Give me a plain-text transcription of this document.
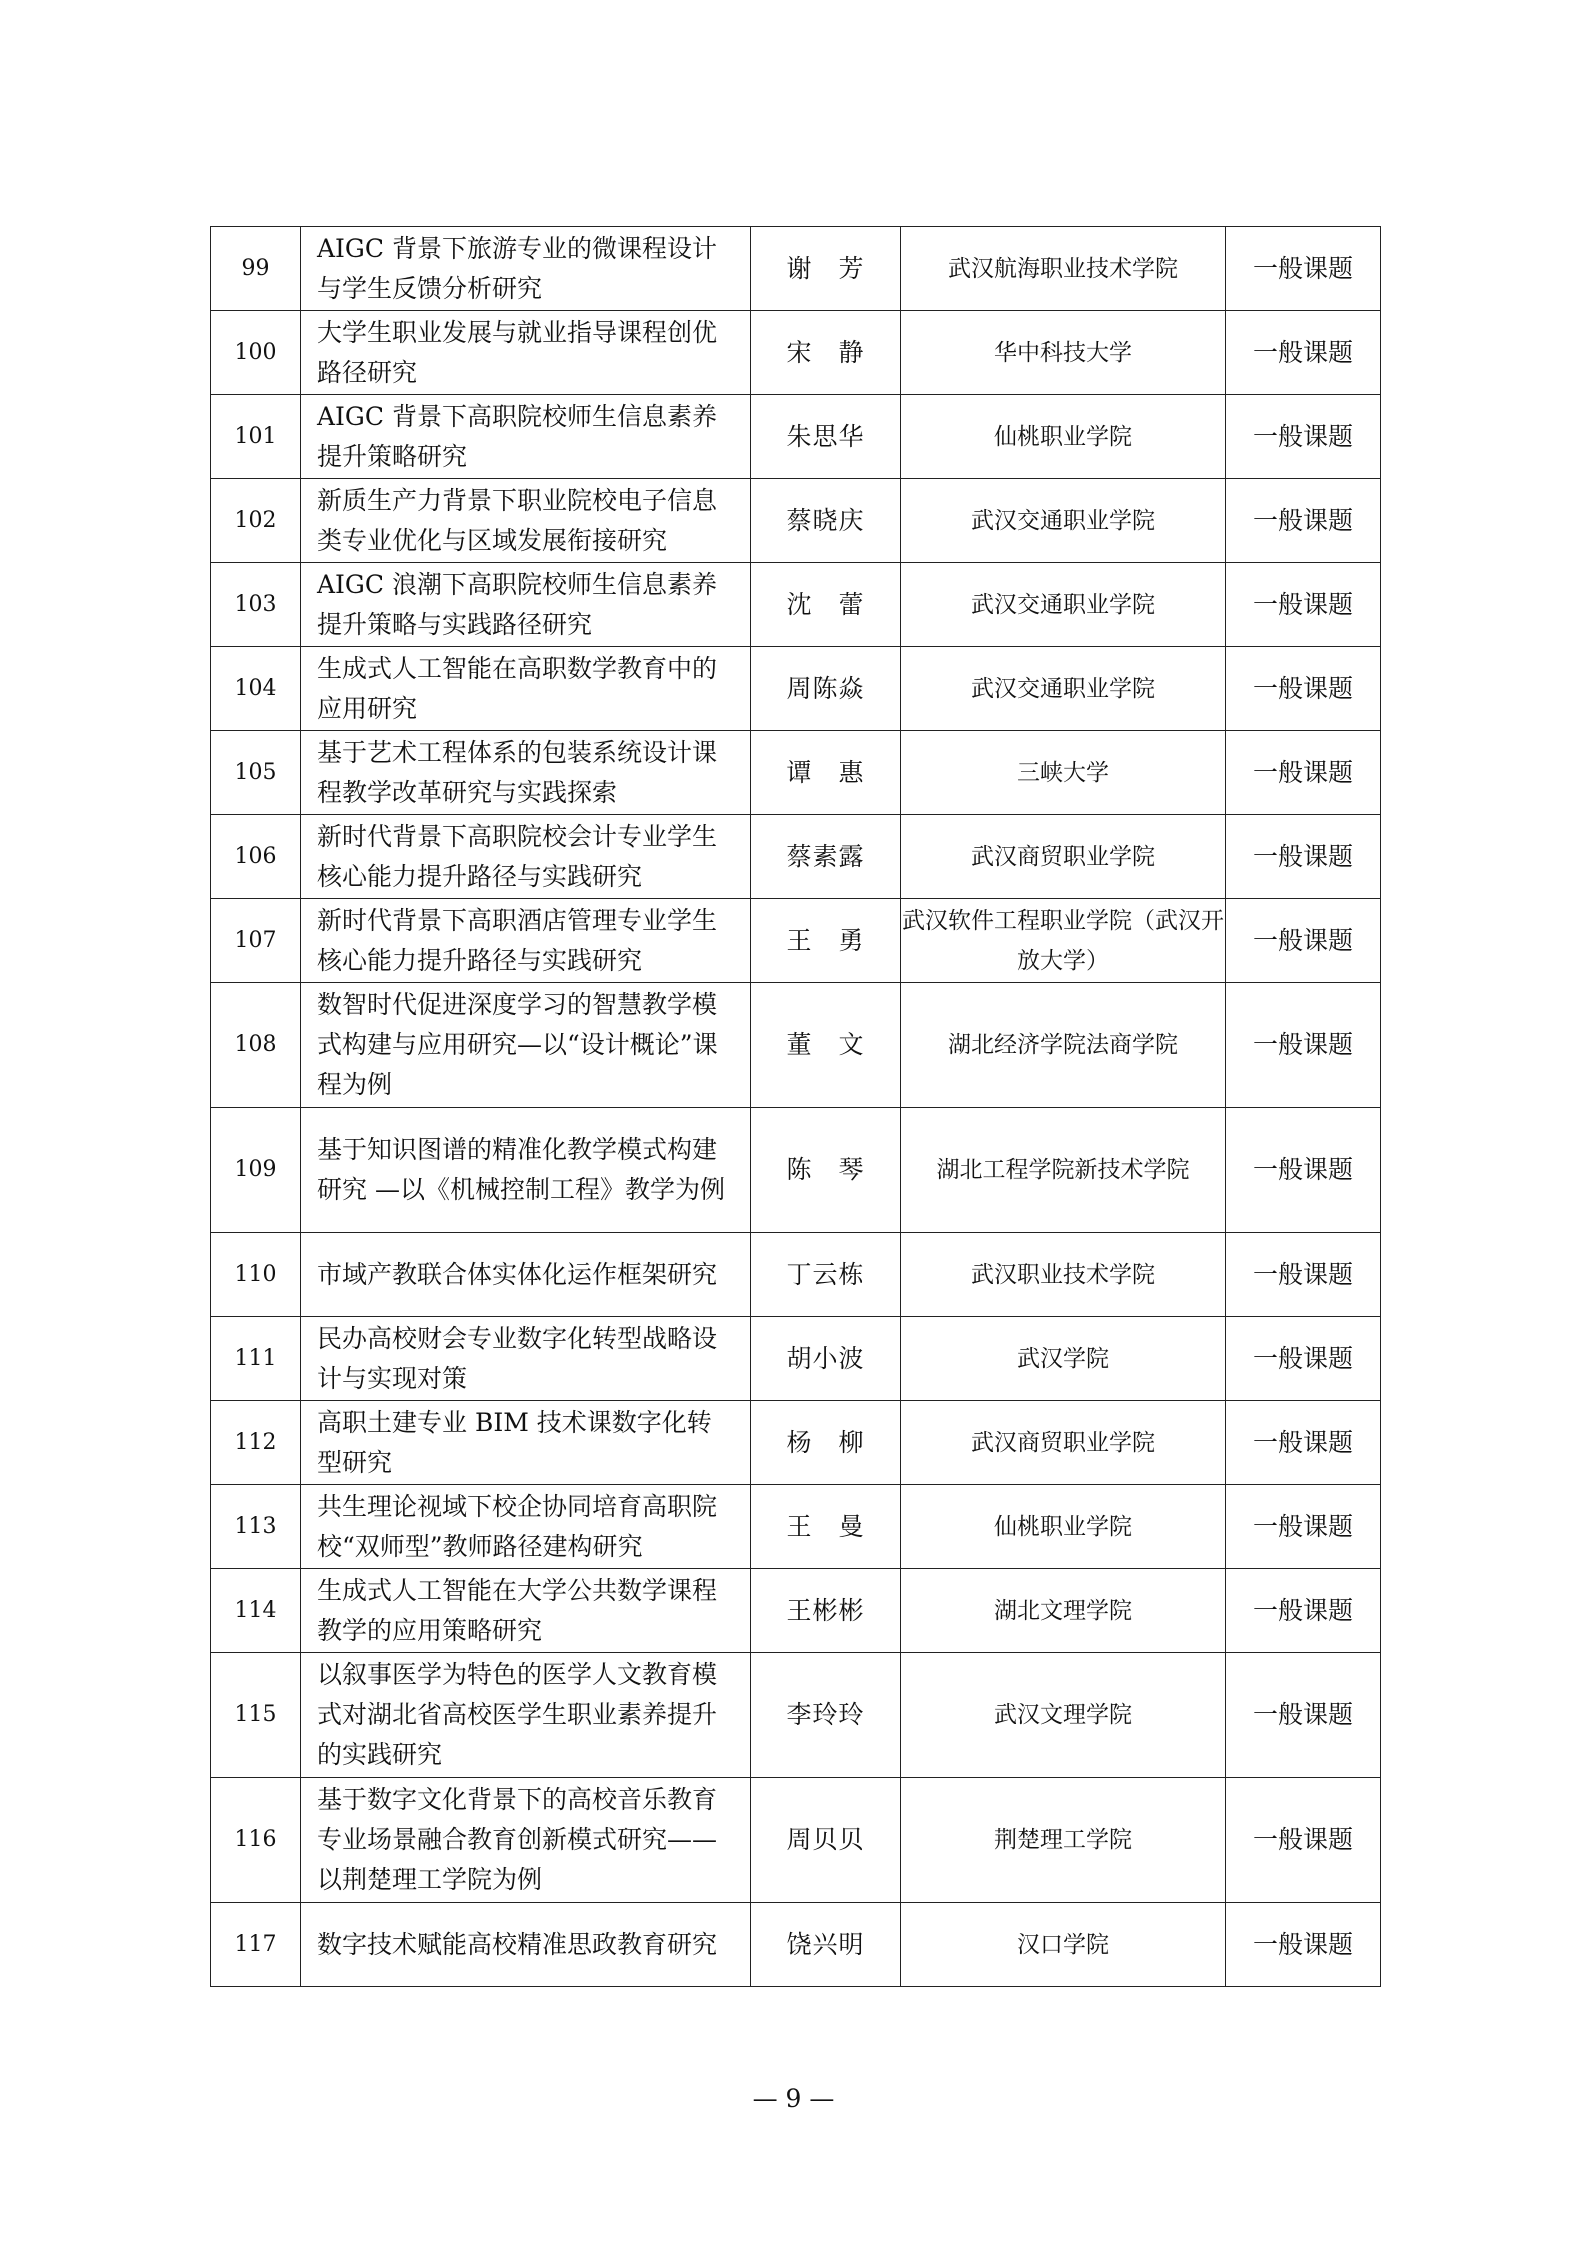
99	AIGC 背景下旅游专业的微课程设计与学生反馈分析研究	谢　芳	武汉航海职业技术学院	一般课题
100	大学生职业发展与就业指导课程创优路径研究	宋　静	华中科技大学	一般课题
101	AIGC 背景下高职院校师生信息素养提升策略研究	朱思华	仙桃职业学院	一般课题
102	新质生产力背景下职业院校电子信息类专业优化与区域发展衔接研究	蔡晓庆	武汉交通职业学院	一般课题
103	AIGC 浪潮下高职院校师生信息素养提升策略与实践路径研究	沈　蕾	武汉交通职业学院	一般课题
104	生成式人工智能在高职数学教育中的应用研究	周陈焱	武汉交通职业学院	一般课题
105	基于艺术工程体系的包装系统设计课程教学改革研究与实践探索	谭　惠	三峡大学	一般课题
106	新时代背景下高职院校会计专业学生核心能力提升路径与实践研究	蔡素露	武汉商贸职业学院	一般课题
107	新时代背景下高职酒店管理专业学生核心能力提升路径与实践研究	王　勇	武汉软件工程职业学院（武汉开放大学）	一般课题
108	数智时代促进深度学习的智慧教学模式构建与应用研究—以“设计概论”课程为例	董　文	湖北经济学院法商学院	一般课题
109	基于知识图谱的精准化教学模式构建研究 —以《机械控制工程》教学为例	陈　琴	湖北工程学院新技术学院	一般课题
110	市域产教联合体实体化运作框架研究	丁云栋	武汉职业技术学院	一般课题
111	民办高校财会专业数字化转型战略设计与实现对策	胡小波	武汉学院	一般课题
112	高职土建专业 BIM 技术课数字化转型研究	杨　柳	武汉商贸职业学院	一般课题
113	共生理论视域下校企协同培育高职院校“双师型”教师路径建构研究	王　曼	仙桃职业学院	一般课题
114	生成式人工智能在大学公共数学课程教学的应用策略研究	王彬彬	湖北文理学院	一般课题
115	以叙事医学为特色的医学人文教育模式对湖北省高校医学生职业素养提升的实践研究	李玲玲	武汉文理学院	一般课题
116	基于数字文化背景下的高校音乐教育专业场景融合教育创新模式研究——以荆楚理工学院为例	周贝贝	荆楚理工学院	一般课题
117	数字技术赋能高校精准思政教育研究	饶兴明	汉口学院	一般课题
— 9 —
